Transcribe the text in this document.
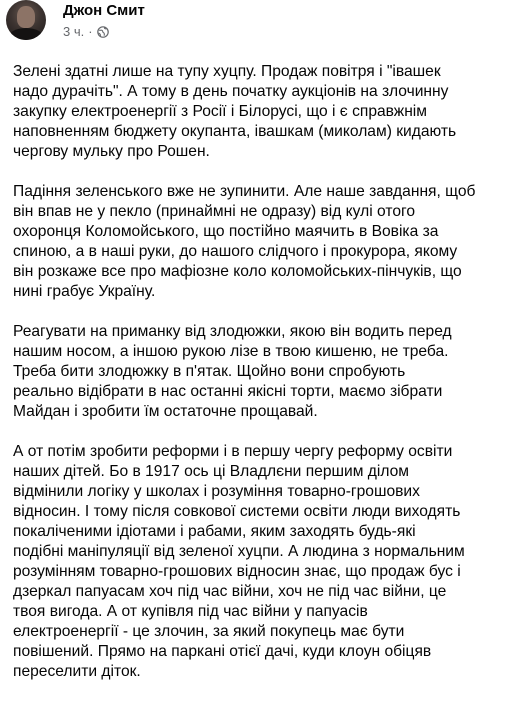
Джон Смит
3 ч. ·

Зелені здатні лише на тупу хуцпу. Продаж повітря і "івашек
надо дурачіть". А тому в день початку аукціонів на злочинну
закупку електроенергії з Росії і Білорусі, що і є справжнім
наповненням бюджету окупанта, івашкам (миколам) кидають
чергову мульку про Рошен.

Падіння зеленського вже не зупинити. Але наше завдання, щоб
він впав не у пекло (принаймні не одразу) від кулі отого
охоронця Коломойського, що постійно маячить в Вовіка за
спиною, а в наші руки, до нашого слідчого і прокурора, якому
він розкаже все про мафіозне коло коломойських-пінчуків, що
нині грабує Україну.

Реагувати на приманку від злодюжки, якою він водить перед
нашим носом, а іншою рукою лізе в твою кишеню, не треба.
Треба бити злодюжку в п'ятак. Щойно вони спробують
реально відібрати в нас останні якісні торти, маємо зібрати
Майдан і зробити їм остаточне прощавай.

А от потім зробити реформи і в першу чергу реформу освіти
наших дітей. Бо в 1917 ось ці Владлєни першим ділом
відмінили логіку у школах і розуміння товарно-грошових
відносин. І тому після совкової системи освіти люди виходять
покаліченими ідіотами і рабами, яким заходять будь-які
подібні маніпуляції від зеленої хуцпи. А людина з нормальним
розумінням товарно-грошових відносин знає, що продаж бус і
дзеркал папуасам хоч під час війни, хоч не під час війни, це
твоя вигода. А от купівля під час війни у папуасів
електроенергії - це злочин, за який покупець має бути
повішений. Прямо на паркані отієї дачі, куди клоун обіцяв
переселити діток.
